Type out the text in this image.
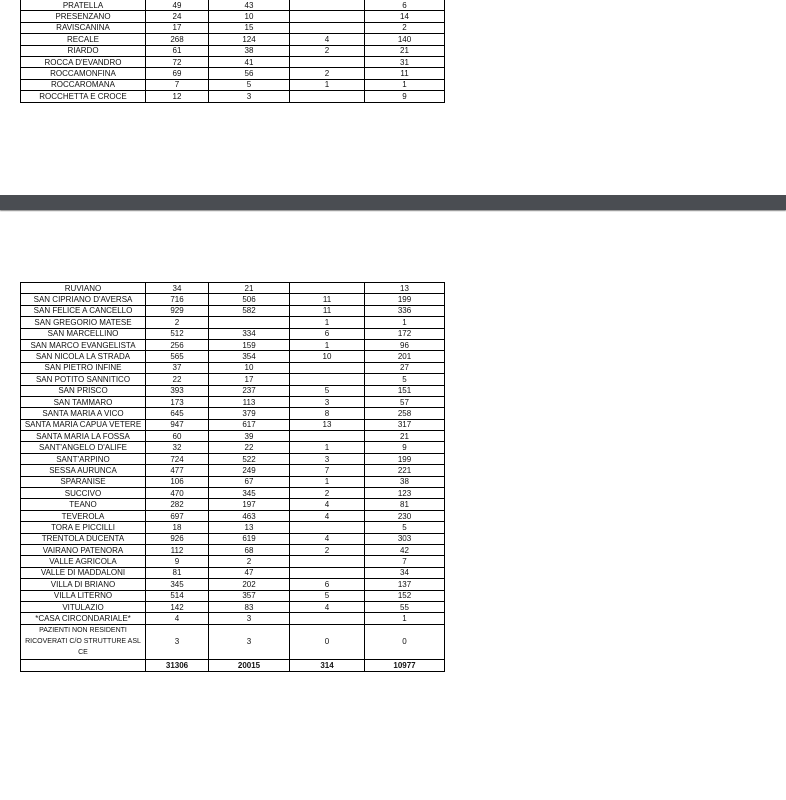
PRATELLA	49	43		6
PRESENZANO	24	10		14
RAVISCANINA	17	15		2
RECALE	268	124	4	140
RIARDO	61	38	2	21
ROCCA D'EVANDRO	72	41		31
ROCCAMONFINA	69	56	2	11
ROCCAROMANA	7	5	1	1
ROCCHETTA E CROCE	12	3		9
RUVIANO	34	21		13
SAN CIPRIANO D'AVERSA	716	506	11	199
SAN FELICE A CANCELLO	929	582	11	336
SAN GREGORIO MATESE	2		1	1
SAN MARCELLINO	512	334	6	172
SAN MARCO EVANGELISTA	256	159	1	96
SAN NICOLA LA STRADA	565	354	10	201
SAN PIETRO INFINE	37	10		27
SAN POTITO SANNITICO	22	17		5
SAN PRISCO	393	237	5	151
SAN TAMMARO	173	113	3	57
SANTA MARIA A VICO	645	379	8	258
SANTA MARIA CAPUA VETERE	947	617	13	317
SANTA MARIA LA FOSSA	60	39		21
SANT'ANGELO D'ALIFE	32	22	1	9
SANT'ARPINO	724	522	3	199
SESSA AURUNCA	477	249	7	221
SPARANISE	106	67	1	38
SUCCIVO	470	345	2	123
TEANO	282	197	4	81
TEVEROLA	697	463	4	230
TORA E PICCILLI	18	13		5
TRENTOLA DUCENTA	926	619	4	303
VAIRANO PATENORA	112	68	2	42
VALLE AGRICOLA	9	2		7
VALLE DI MADDALONI	81	47		34
VILLA DI BRIANO	345	202	6	137
VILLA LITERNO	514	357	5	152
VITULAZIO	142	83	4	55
*CASA CIRCONDARIALE*	4	3		1
PAZIENTI NON RESIDENTI RICOVERATI C/O STRUTTURE ASL CE	3	3	0	0
	31306	20015	314	10977
